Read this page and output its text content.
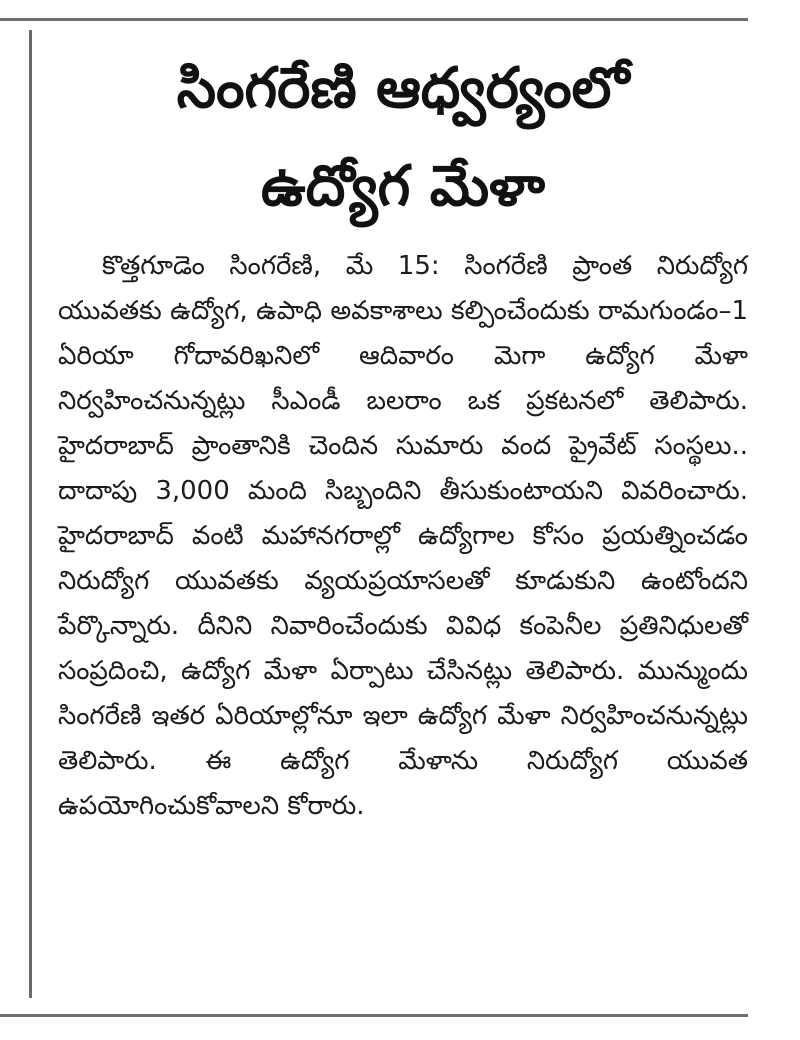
సింగరేణి ఆధ్వర్యంలో
ఉద్యోగ మేళా

కొత్తగూడెం సింగరేణి, మే 15: సింగరేణి ప్రాంత నిరుద్యోగ యువతకు ఉద్యోగ, ఉపాధి అవకాశాలు కల్పించేందుకు రామగుండం–1 ఏరియా గోదావరిఖనిలో ఆదివారం మెగా ఉద్యోగ మేళా నిర్వహించనున్నట్లు సీఎండీ బలరాం ఒక ప్రకటనలో తెలిపారు. హైదరాబాద్ ప్రాంతానికి చెందిన సుమారు వంద ప్రైవేట్ సంస్థలు.. దాదాపు 3,000 మంది సిబ్బందిని తీసుకుంటాయని వివరించారు. హైదరాబాద్ వంటి మహానగరాల్లో ఉద్యోగాల కోసం ప్రయత్నించడం నిరుద్యోగ యువతకు వ్యయప్రయాసలతో కూడుకుని ఉంటోందని పేర్కొన్నారు. దీనిని నివారించేందుకు వివిధ కంపెనీల ప్రతినిధులతో సంప్రదించి, ఉద్యోగ మేళా ఏర్పాటు చేసినట్లు తెలిపారు. మున్ముందు సింగరేణి ఇతర ఏరియాల్లోనూ ఇలా ఉద్యోగ మేళా నిర్వహించనున్నట్లు తెలిపారు. ఈ ఉద్యోగ మేళాను నిరుద్యోగ యువత ఉపయోగించుకోవాలని కోరారు.
